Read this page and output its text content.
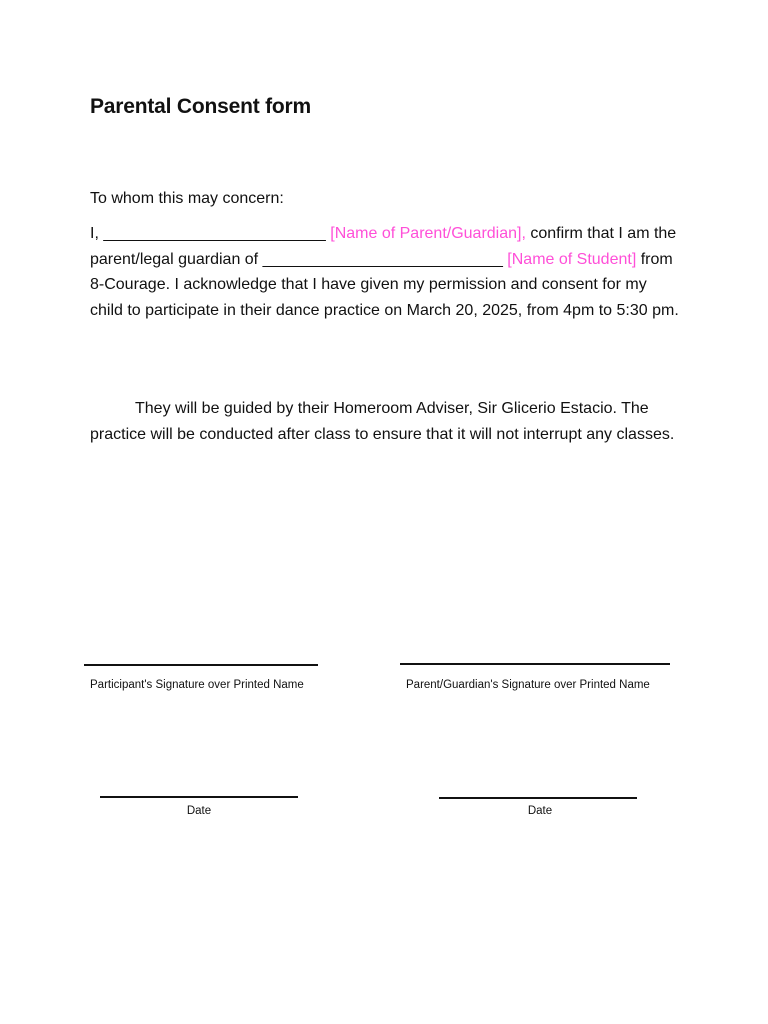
Parental Consent form
To whom this may concern:
I, _________________________ [Name of Parent/Guardian], confirm that I am the parent/legal guardian of ___________________________ [Name of Student] from 8-Courage. I acknowledge that I have given my permission and consent for my child to participate in their dance practice on March 20, 2025, from 4pm to 5:30 pm.
They will be guided by their Homeroom Adviser, Sir Glicerio Estacio. The practice will be conducted after class to ensure that it will not interrupt any classes.
Participant's Signature over Printed Name	Parent/Guardian's Signature over Printed Name
Date	Date
